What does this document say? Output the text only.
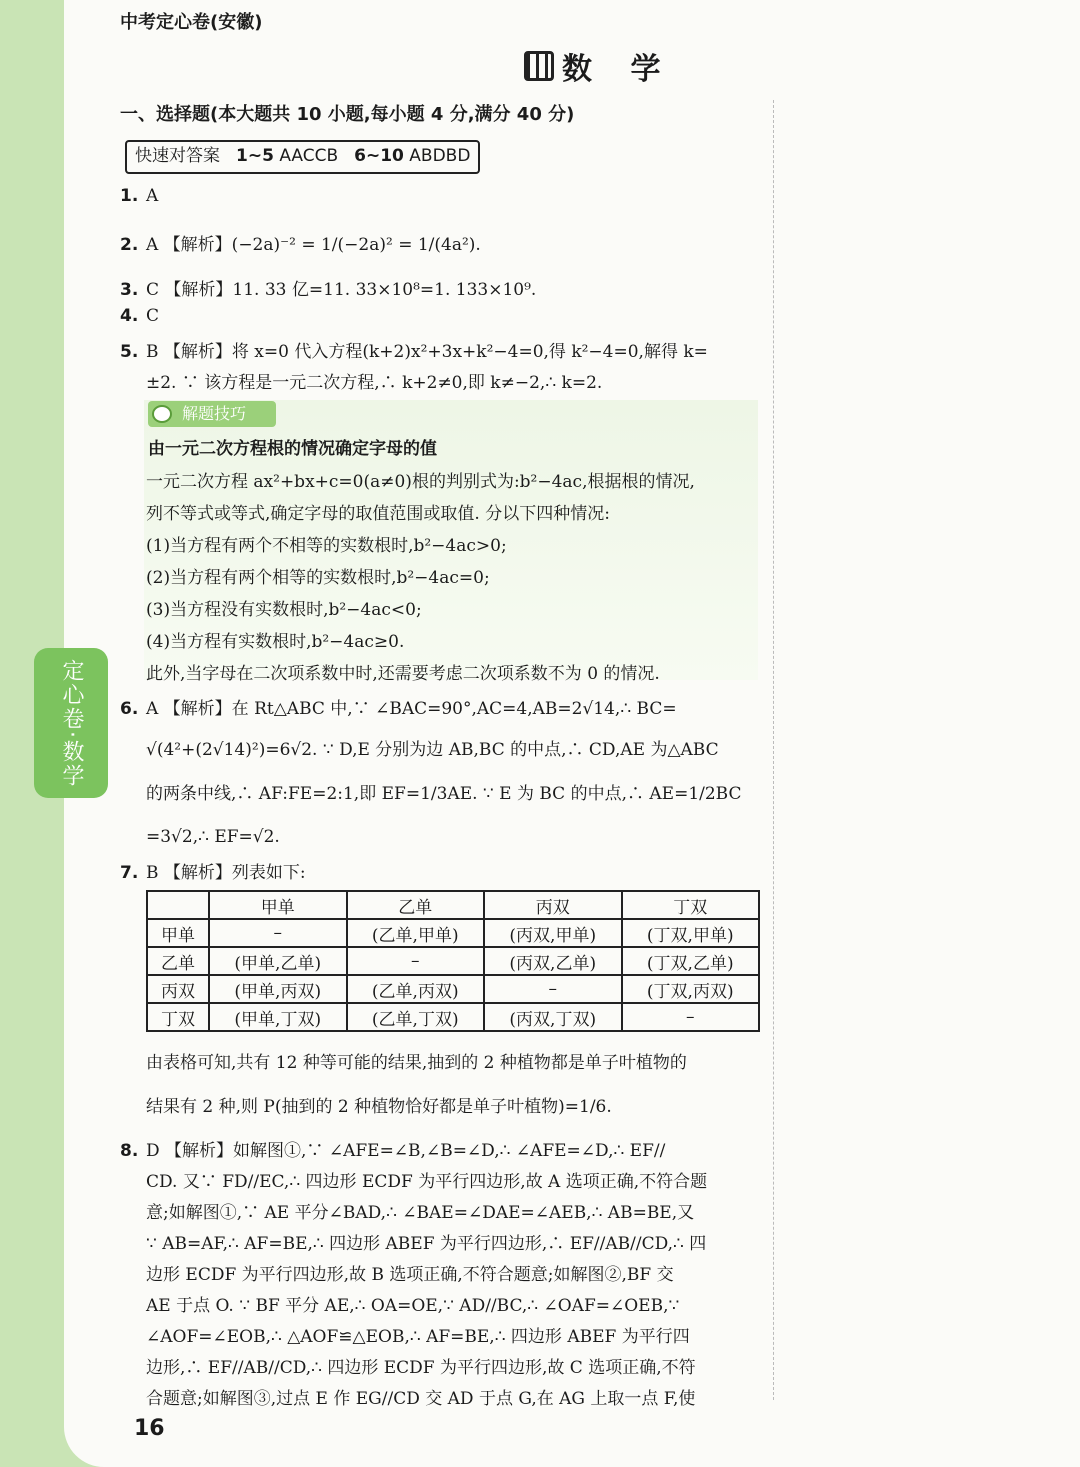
定心卷·数学
中考定心卷(安徽)
数 学
一、选择题(本大题共 10 小题,每小题 4 分,满分 40 分)
快速对答案 1~5 AACCB 6~10 ABDBD
1. A
2. A 【解析】(−2a)⁻² = 1/(−2a)² = 1/(4a²).
3. C 【解析】11. 33 亿=11. 33×10⁸=1. 133×10⁹.
4. C
5. B 【解析】将 x=0 代入方程(k+2)x²+3x+k²−4=0,得 k²−4=0,解得 k=
±2. ∵ 该方程是一元二次方程,∴ k+2≠0,即 k≠−2,∴ k=2.
解题技巧
由一元二次方程根的情况确定字母的值
一元二次方程 ax²+bx+c=0(a≠0)根的判别式为:b²−4ac,根据根的情况,
列不等式或等式,确定字母的取值范围或取值. 分以下四种情况:
(1)当方程有两个不相等的实数根时,b²−4ac>0;
(2)当方程有两个相等的实数根时,b²−4ac=0;
(3)当方程没有实数根时,b²−4ac<0;
(4)当方程有实数根时,b²−4ac≥0.
此外,当字母在二次项系数中时,还需要考虑二次项系数不为 0 的情况.
6. A 【解析】在 Rt△ABC 中,∵ ∠BAC=90°,AC=4,AB=2√14,∴ BC=
√(4²+(2√14)²)=6√2. ∵ D,E 分别为边 AB,BC 的中点,∴ CD,AE 为△ABC
的两条中线,∴ AF:FE=2:1,即 EF=1/3AE. ∵ E 为 BC 的中点,∴ AE=1/2BC
=3√2,∴ EF=√2.
7. B 【解析】列表如下:
	甲单	乙单	丙双	丁双
甲单	–	(乙单,甲单)	(丙双,甲单)	(丁双,甲单)
乙单	(甲单,乙单)	–	(丙双,乙单)	(丁双,乙单)
丙双	(甲单,丙双)	(乙单,丙双)	–	(丁双,丙双)
丁双	(甲单,丁双)	(乙单,丁双)	(丙双,丁双)	–
由表格可知,共有 12 种等可能的结果,抽到的 2 种植物都是单子叶植物的
结果有 2 种,则 P(抽到的 2 种植物恰好都是单子叶植物)=1/6.
8. D 【解析】如解图①,∵ ∠AFE=∠B,∠B=∠D,∴ ∠AFE=∠D,∴ EF//
CD. 又∵ FD//EC,∴ 四边形 ECDF 为平行四边形,故 A 选项正确,不符合题
意;如解图①,∵ AE 平分∠BAD,∴ ∠BAE=∠DAE=∠AEB,∴ AB=BE,又
∵ AB=AF,∴ AF=BE,∴ 四边形 ABEF 为平行四边形,∴ EF//AB//CD,∴ 四
边形 ECDF 为平行四边形,故 B 选项正确,不符合题意;如解图②,BF 交
AE 于点 O. ∵ BF 平分 AE,∴ OA=OE,∵ AD//BC,∴ ∠OAF=∠OEB,∵
∠AOF=∠EOB,∴ △AOF≌△EOB,∴ AF=BE,∴ 四边形 ABEF 为平行四
边形,∴ EF//AB//CD,∴ 四边形 ECDF 为平行四边形,故 C 选项正确,不符
合题意;如解图③,过点 E 作 EG//CD 交 AD 于点 G,在 AG 上取一点 F,使
16
